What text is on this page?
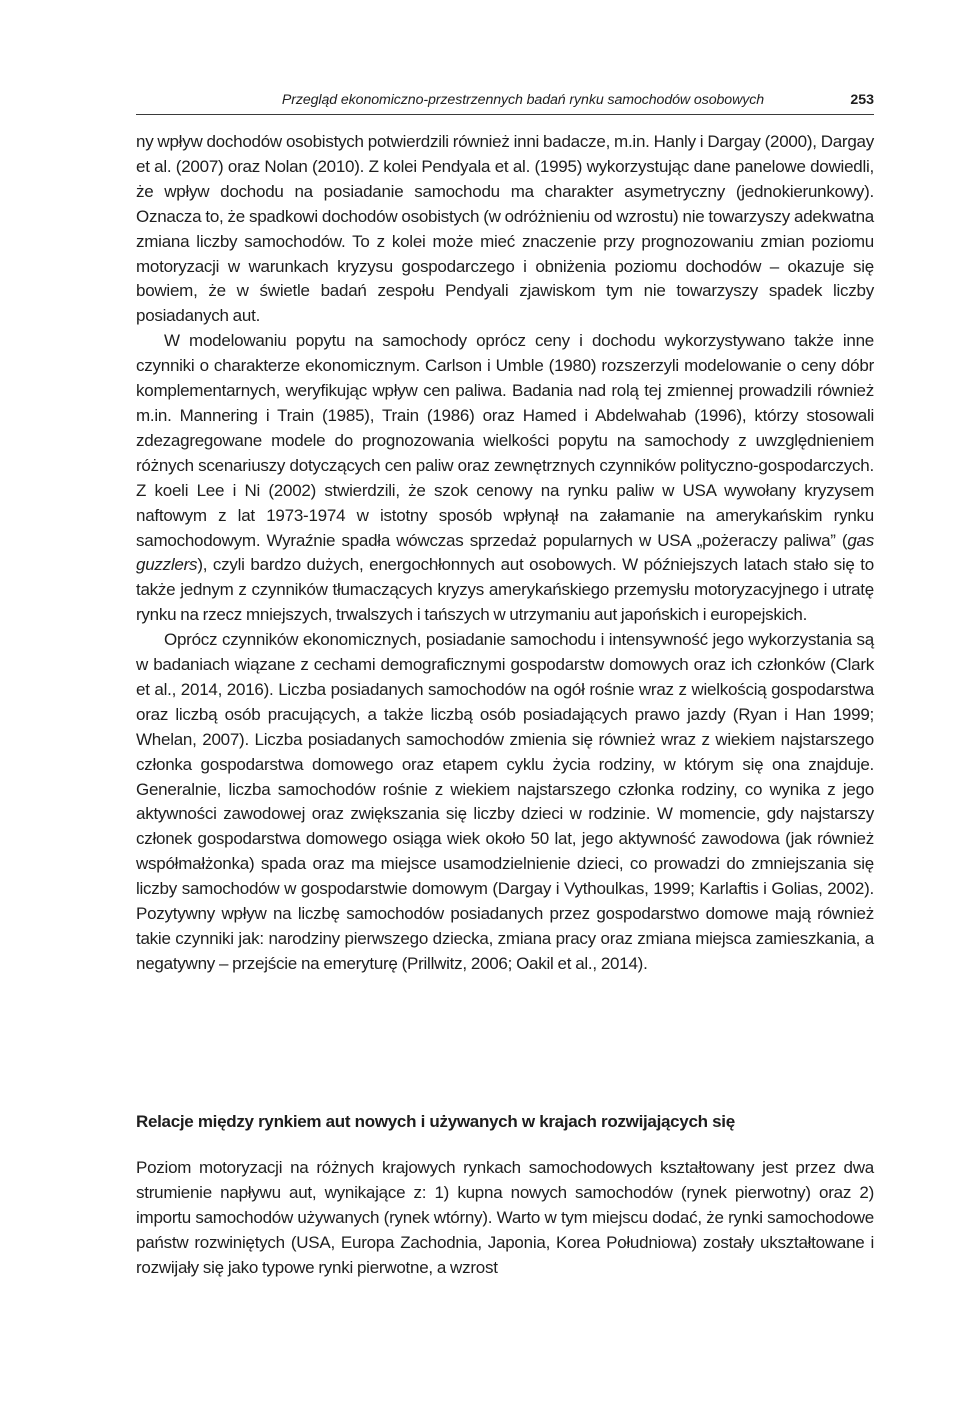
Przegląd ekonomiczno-przestrzennych badań rynku samochodów osobowych	253

ny wpływ dochodów osobistych potwierdzili również inni badacze, m.in. Hanly i Dargay (2000), Dargay et al. (2007) oraz Nolan (2010). Z kolei Pendyala et al. (1995) wykorzystując dane panelowe dowiedli, że wpływ dochodu na posiadanie samochodu ma charakter asymetryczny (jednokierunkowy). Oznacza to, że spadkowi dochodów osobistych (w odróżnieniu od wzrostu) nie towarzyszy adekwatna zmiana liczby samochodów. To z kolei może mieć znaczenie przy prognozowaniu zmian poziomu motoryzacji w warunkach kryzysu gospodarczego i obniżenia poziomu dochodów – okazuje się bowiem, że w świetle badań zespołu Pendyali zjawiskom tym nie towarzyszy spadek liczby posiadanych aut.

W modelowaniu popytu na samochody oprócz ceny i dochodu wykorzystywano także inne czynniki o charakterze ekonomicznym. Carlson i Umble (1980) rozszerzyli modelowanie o ceny dóbr komplementarnych, weryfikując wpływ cen paliwa. Badania nad rolą tej zmiennej prowadzili również m.in. Mannering i Train (1985), Train (1986) oraz Hamed i Abdelwahab (1996), którzy stosowali zdezagregowane modele do prognozowania wielkości popytu na samochody z uwzględnieniem różnych scenariuszy dotyczących cen paliw oraz zewnętrznych czynników polityczno-gospodarczych. Z koeli Lee i Ni (2002) stwierdzili, że szok cenowy na rynku paliw w USA wywołany kryzysem naftowym z lat 1973-1974 w istotny sposób wpłynął na załamanie na amerykańskim rynku samochodowym. Wyraźnie spadła wówczas sprzedaż popularnych w USA „pożeraczy paliwa” (gas guzzlers), czyli bardzo dużych, energochłonnych aut osobowych. W późniejszych latach stało się to także jednym z czynników tłumaczących kryzys amerykańskiego przemysłu motoryzacyjnego i utratę rynku na rzecz mniejszych, trwalszych i tańszych w utrzymaniu aut japońskich i europejskich.

Oprócz czynników ekonomicznych, posiadanie samochodu i intensywność jego wykorzystania są w badaniach wiązane z cechami demograficznymi gospodarstw domowych oraz ich członków (Clark et al., 2014, 2016). Liczba posiadanych samochodów na ogół rośnie wraz z wielkością gospodarstwa oraz liczbą osób pracujących, a także liczbą osób posiadających prawo jazdy (Ryan i Han 1999; Whelan, 2007). Liczba posiadanych samochodów zmienia się również wraz z wiekiem najstarszego członka gospodarstwa domowego oraz etapem cyklu życia rodziny, w którym się ona znajduje. Generalnie, liczba samochodów rośnie z wiekiem najstarszego członka rodziny, co wynika z jego aktywności zawodowej oraz zwiększania się liczby dzieci w rodzinie. W momencie, gdy najstarszy członek gospodarstwa domowego osiąga wiek około 50 lat, jego aktywność zawodowa (jak również współmałżonka) spada oraz ma miejsce usamodzielnienie dzieci, co prowadzi do zmniejszania się liczby samochodów w gospodarstwie domowym (Dargay i Vythoulkas, 1999; Karlaftis i Golias, 2002). Pozytywny wpływ na liczbę samochodów posiadanych przez gospodarstwo domowe mają również takie czynniki jak: narodziny pierwszego dziecka, zmiana pracy oraz zmiana miejsca zamieszkania, a negatywny – przejście na emeryturę (Prillwitz, 2006; Oakil et al., 2014).

Relacje między rynkiem aut nowych i używanych w krajach rozwijających się

Poziom motoryzacji na różnych krajowych rynkach samochodowych kształtowany jest przez dwa strumienie napływu aut, wynikające z: 1) kupna nowych samochodów (rynek pierwotny) oraz 2) importu samochodów używanych (rynek wtórny). Warto w tym miejscu dodać, że rynki samochodowe państw rozwiniętych (USA, Europa Zachodnia, Japonia, Korea Południowa) zostały ukształtowane i rozwijały się jako typowe rynki pierwotne, a wzrost
